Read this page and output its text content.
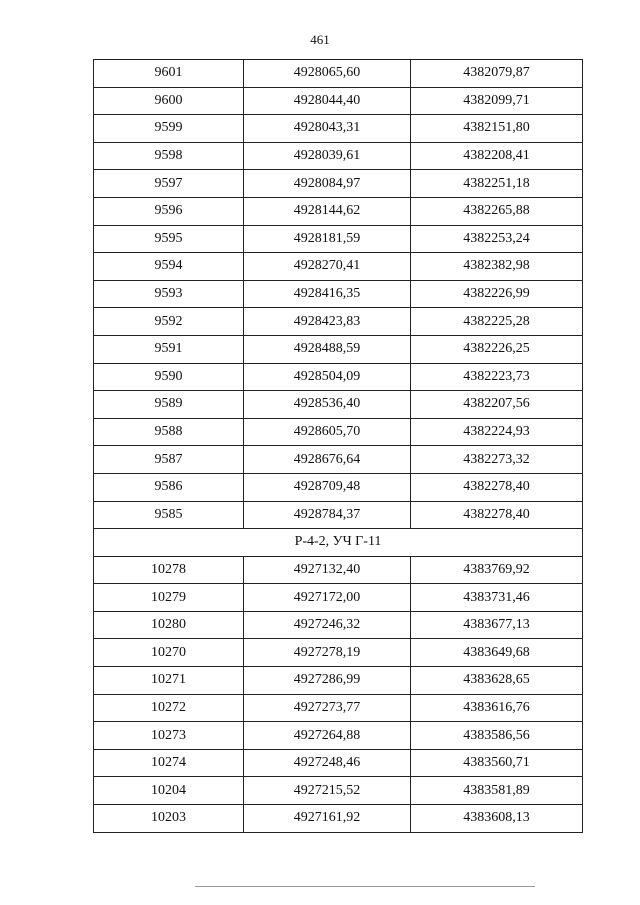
461
9601	4928065,60	4382079,87
9600	4928044,40	4382099,71
9599	4928043,31	4382151,80
9598	4928039,61	4382208,41
9597	4928084,97	4382251,18
9596	4928144,62	4382265,88
9595	4928181,59	4382253,24
9594	4928270,41	4382382,98
9593	4928416,35	4382226,99
9592	4928423,83	4382225,28
9591	4928488,59	4382226,25
9590	4928504,09	4382223,73
9589	4928536,40	4382207,56
9588	4928605,70	4382224,93
9587	4928676,64	4382273,32
9586	4928709,48	4382278,40
9585	4928784,37	4382278,40
Р-4-2, УЧ Г-11		
10278	4927132,40	4383769,92
10279	4927172,00	4383731,46
10280	4927246,32	4383677,13
10270	4927278,19	4383649,68
10271	4927286,99	4383628,65
10272	4927273,77	4383616,76
10273	4927264,88	4383586,56
10274	4927248,46	4383560,71
10204	4927215,52	4383581,89
10203	4927161,92	4383608,13
